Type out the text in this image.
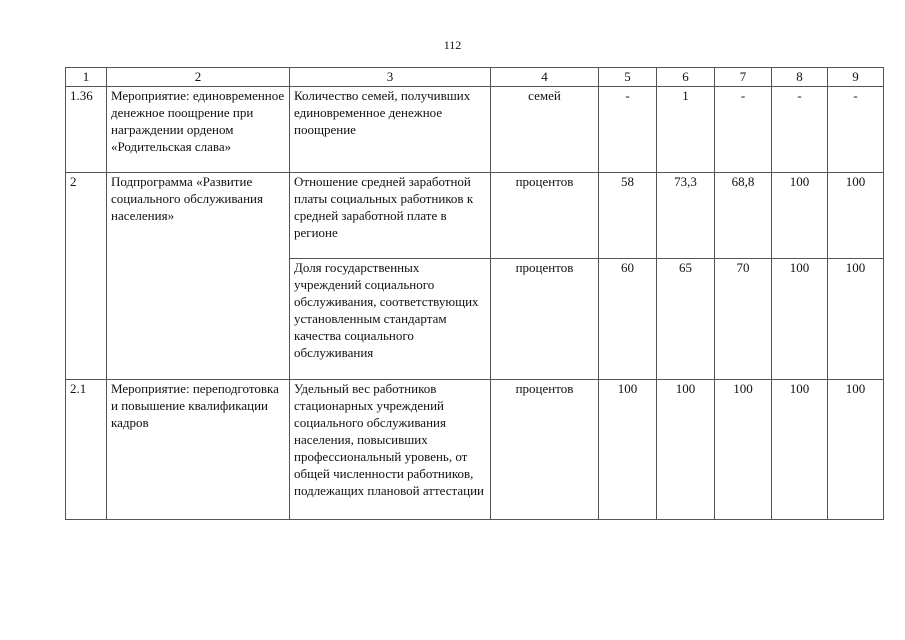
112
1	2	3	4	5	6	7	8	9
1.36	Мероприятие: единовременное денежное поощрение при награждении орденом «Родительская слава»	Количество семей, получивших единовременное денежное поощрение	семей	-	1	-	-	-
2	Подпрограмма «Развитие социального обслуживания населения»	Отношение средней заработной платы социальных работников к средней заработной плате в регионе	процентов	58	73,3	68,8	100	100
		Доля государственных учреждений социального обслуживания, соответствующих установленным стандартам качества социального обслуживания	процентов	60	65	70	100	100
2.1	Мероприятие: переподготовка и повышение квалификации кадров	Удельный вес работников стационарных учреждений социального обслуживания населения, повысивших профессиональный уровень, от общей численности работников, подлежащих плановой аттестации	процентов	100	100	100	100	100
